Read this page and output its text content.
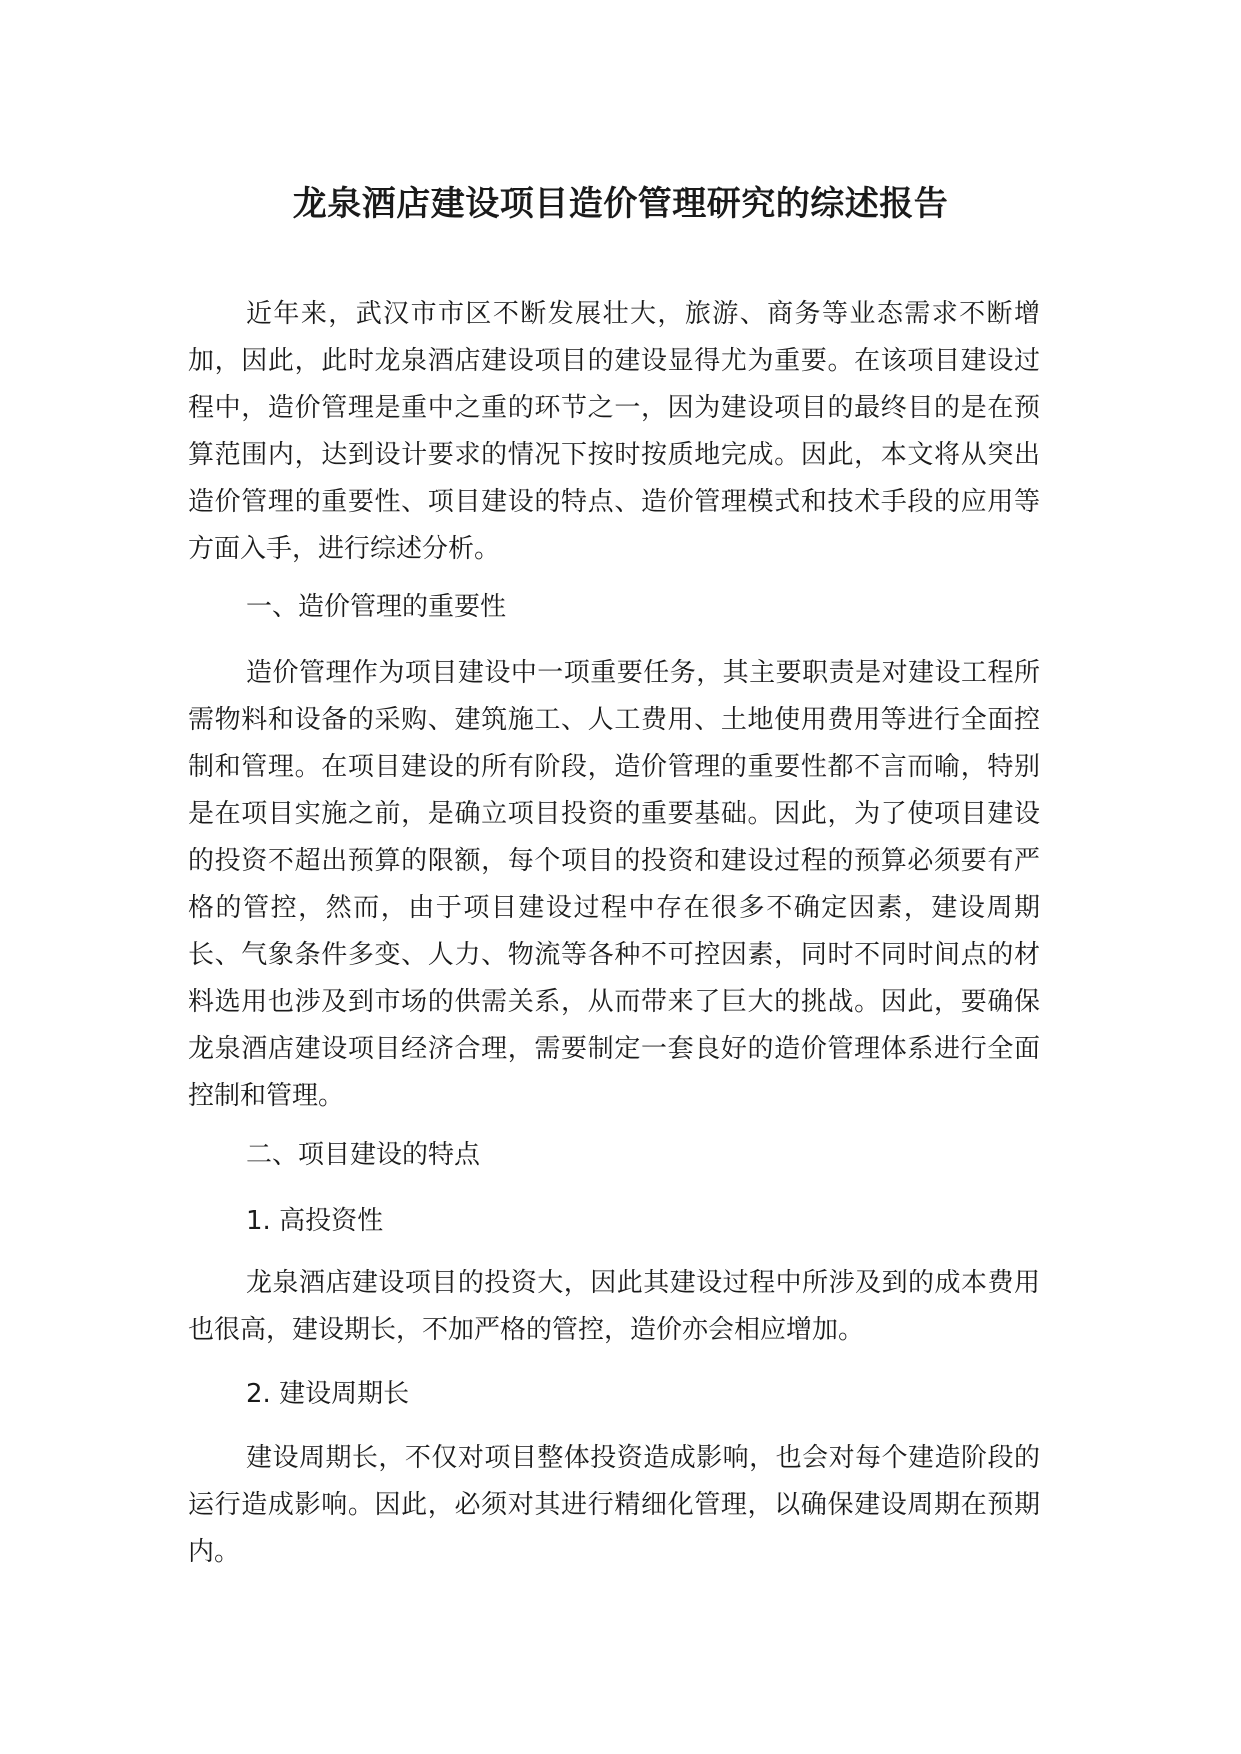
龙泉酒店建设项目造价管理研究的综述报告

近年来，武汉市市区不断发展壮大，旅游、商务等业态需求不断增加，因此，此时龙泉酒店建设项目的建设显得尤为重要。在该项目建设过程中，造价管理是重中之重的环节之一，因为建设项目的最终目的是在预算范围内，达到设计要求的情况下按时按质地完成。因此，本文将从突出造价管理的重要性、项目建设的特点、造价管理模式和技术手段的应用等方面入手，进行综述分析。

一、造价管理的重要性

造价管理作为项目建设中一项重要任务，其主要职责是对建设工程所需物料和设备的采购、建筑施工、人工费用、土地使用费用等进行全面控制和管理。在项目建设的所有阶段，造价管理的重要性都不言而喻，特别是在项目实施之前，是确立项目投资的重要基础。因此，为了使项目建设的投资不超出预算的限额，每个项目的投资和建设过程的预算必须要有严格的管控，然而，由于项目建设过程中存在很多不确定因素，建设周期长、气象条件多变、人力、物流等各种不可控因素，同时不同时间点的材料选用也涉及到市场的供需关系，从而带来了巨大的挑战。因此，要确保龙泉酒店建设项目经济合理，需要制定一套良好的造价管理体系进行全面控制和管理。

二、项目建设的特点

1. 高投资性

龙泉酒店建设项目的投资大，因此其建设过程中所涉及到的成本费用也很高，建设期长，不加严格的管控，造价亦会相应增加。

2. 建设周期长

建设周期长，不仅对项目整体投资造成影响，也会对每个建造阶段的运行造成影响。因此，必须对其进行精细化管理，以确保建设周期在预期内。
